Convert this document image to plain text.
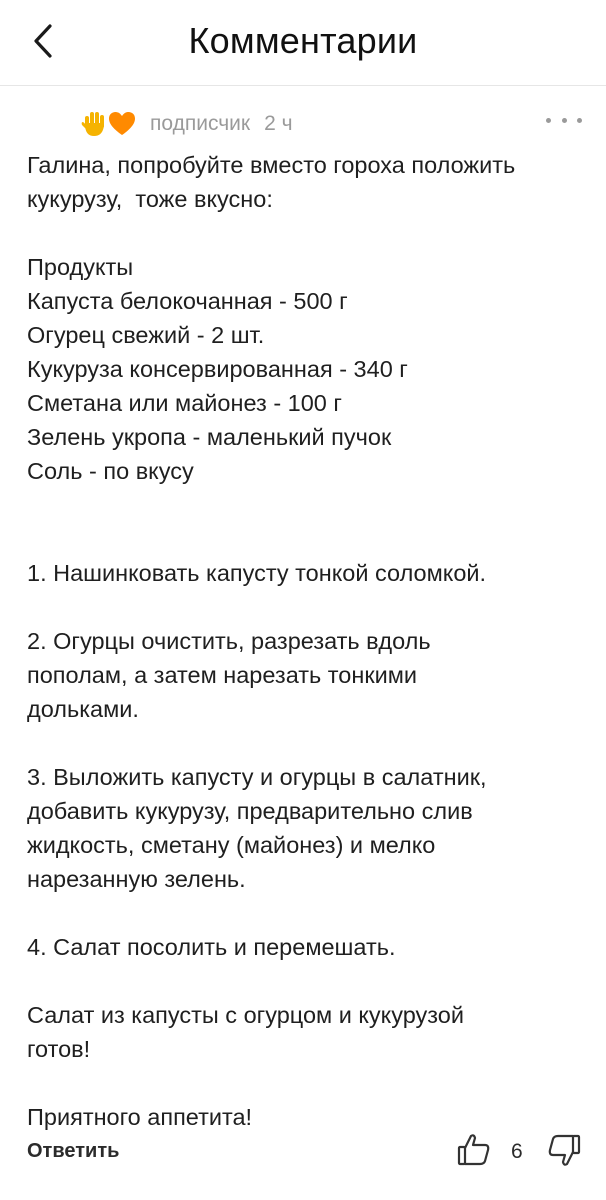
Комментарии
подписчик 2 ч
Галина, попробуйте вместо гороха положить
кукурузу,  тоже вкусно:
Продукты
Капуста белокочанная - 500 г
Огурец свежий - 2 шт.
Кукуруза консервированная - 340 г
Сметана или майонез - 100 г
Зелень укропа - маленький пучок
Соль - по вкусу
1. Нашинковать капусту тонкой соломкой.
2. Огурцы очистить, разрезать вдоль
пополам, а затем нарезать тонкими
дольками.
3. Выложить капусту и огурцы в салатник,
добавить кукурузу, предварительно слив
жидкость, сметану (майонез) и мелко
нарезанную зелень.
4. Салат посолить и перемешать.
Салат из капусты с огурцом и кукурузой
готов!
Приятного аппетита!
Ответить	6
